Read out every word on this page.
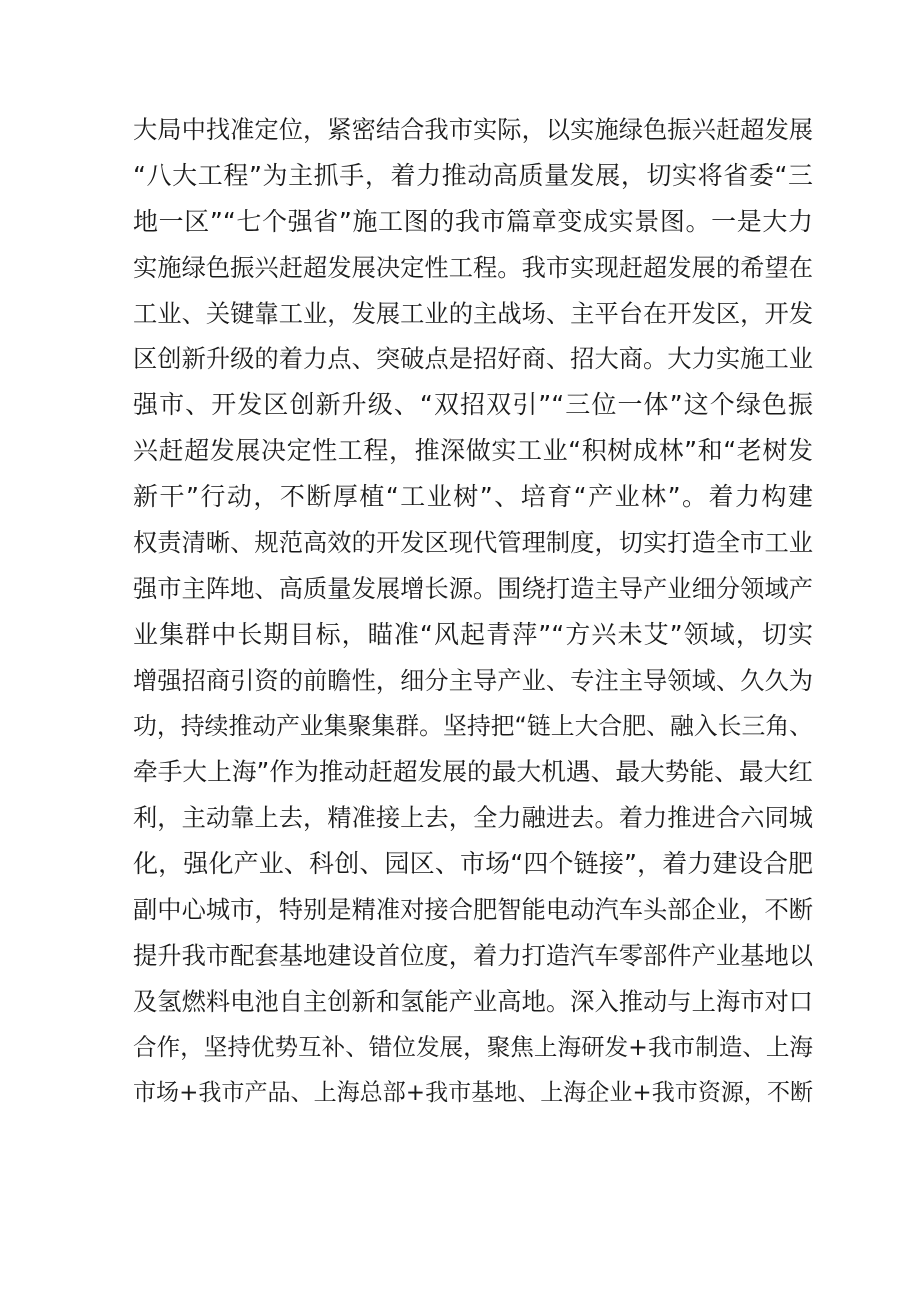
大局中找准定位，紧密结合我市实际，以实施绿色振兴赶超发展
“八大工程”为主抓手，着力推动高质量发展，切实将省委“三
地一区”“七个强省”施工图的我市篇章变成实景图。一是大力
实施绿色振兴赶超发展决定性工程。我市实现赶超发展的希望在
工业、关键靠工业，发展工业的主战场、主平台在开发区，开发
区创新升级的着力点、突破点是招好商、招大商。大力实施工业
强市、开发区创新升级、“双招双引”“三位一体”这个绿色振
兴赶超发展决定性工程，推深做实工业“积树成林”和“老树发
新干”行动，不断厚植“工业树”、培育“产业林”。着力构建
权责清晰、规范高效的开发区现代管理制度，切实打造全市工业
强市主阵地、高质量发展增长源。围绕打造主导产业细分领域产
业集群中长期目标，瞄准“风起青萍”“方兴未艾”领域，切实
增强招商引资的前瞻性，细分主导产业、专注主导领域、久久为
功，持续推动产业集聚集群。坚持把“链上大合肥、融入长三角、
牵手大上海”作为推动赶超发展的最大机遇、最大势能、最大红
利，主动靠上去，精准接上去，全力融进去。着力推进合六同城
化，强化产业、科创、园区、市场“四个链接”，着力建设合肥
副中心城市，特别是精准对接合肥智能电动汽车头部企业，不断
提升我市配套基地建设首位度，着力打造汽车零部件产业基地以
及氢燃料电池自主创新和氢能产业高地。深入推动与上海市对口
合作，坚持优势互补、错位发展，聚焦上海研发+我市制造、上海
市场+我市产品、上海总部+我市基地、上海企业+我市资源，不断
